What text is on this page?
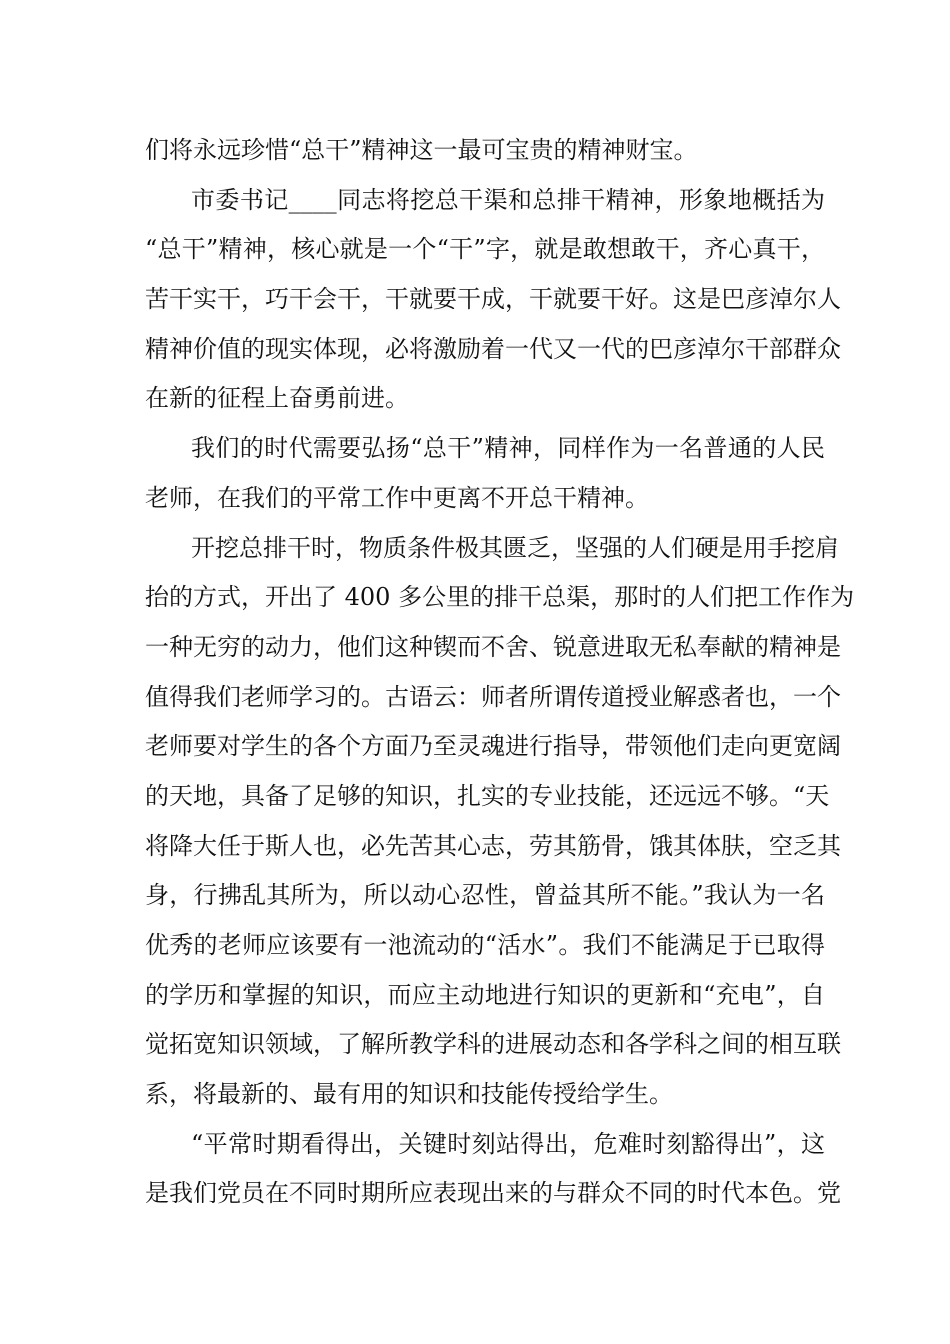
们将永远珍惜“总干”精神这一最可宝贵的精神财宝。
市委书记____同志将挖总干渠和总排干精神，形象地概括为
“总干”精神，核心就是一个“干”字，就是敢想敢干，齐心真干，
苦干实干，巧干会干，干就要干成，干就要干好。这是巴彦淖尔人
精神价值的现实体现，必将激励着一代又一代的巴彦淖尔干部群众
在新的征程上奋勇前进。
我们的时代需要弘扬“总干”精神，同样作为一名普通的人民
老师，在我们的平常工作中更离不开总干精神。
开挖总排干时，物质条件极其匮乏，坚强的人们硬是用手挖肩
抬的方式，开出了 400 多公里的排干总渠，那时的人们把工作作为
一种无穷的动力，他们这种锲而不舍、锐意进取无私奉献的精神是
值得我们老师学习的。古语云：师者所谓传道授业解惑者也，一个
老师要对学生的各个方面乃至灵魂进行指导，带领他们走向更宽阔
的天地，具备了足够的知识，扎实的专业技能，还远远不够。“天
将降大任于斯人也，必先苦其心志，劳其筋骨，饿其体肤，空乏其
身，行拂乱其所为，所以动心忍性，曾益其所不能。”我认为一名
优秀的老师应该要有一池流动的“活水”。我们不能满足于已取得
的学历和掌握的知识，而应主动地进行知识的更新和“充电”，自
觉拓宽知识领域，了解所教学科的进展动态和各学科之间的相互联
系，将最新的、最有用的知识和技能传授给学生。
“平常时期看得出，关键时刻站得出，危难时刻豁得出”，这
是我们党员在不同时期所应表现出来的与群众不同的时代本色。党
